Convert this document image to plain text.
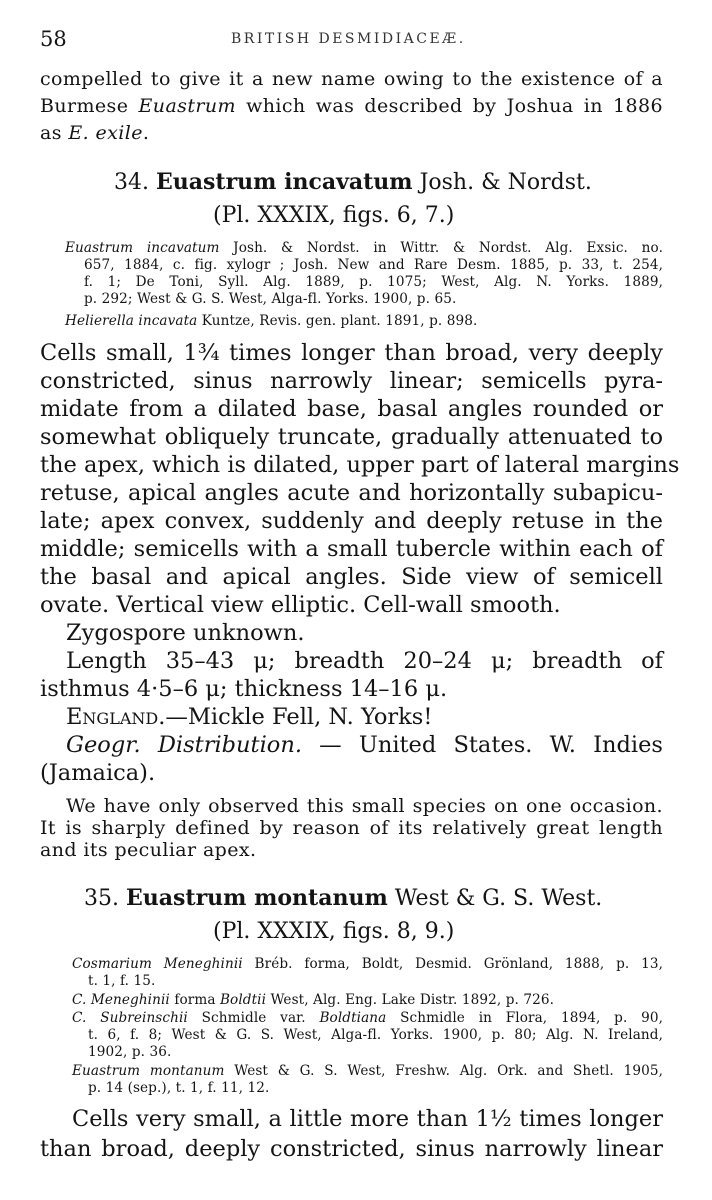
58	BRITISH DESMIDIACEÆ.
compelled to give it a new name owing to the existence of a
Burmese Euastrum which was described by Joshua in 1886
as E. exile.
34. Euastrum incavatum Josh. & Nordst.
(Pl. XXXIX, figs. 6, 7.)
Euastrum incavatum Josh. & Nordst. in Wittr. & Nordst. Alg. Exsic. no.
657, 1884, c. fig. xylogr ; Josh. New and Rare Desm. 1885, p. 33, t. 254,
f. 1; De Toni, Syll. Alg. 1889, p. 1075; West, Alg. N. Yorks. 1889,
p. 292; West & G. S. West, Alga-fl. Yorks. 1900, p. 65.
Helierella incavata Kuntze, Revis. gen. plant. 1891, p. 898.
Cells small, 1¾ times longer than broad, very deeply
constricted, sinus narrowly linear; semicells pyra-
midate from a dilated base, basal angles rounded or
somewhat obliquely truncate, gradually attenuated to
the apex, which is dilated, upper part of lateral margins
retuse, apical angles acute and horizontally subapicu-
late; apex convex, suddenly and deeply retuse in the
middle; semicells with a small tubercle within each of
the basal and apical angles. Side view of semicell
ovate. Vertical view elliptic. Cell-wall smooth.
Zygospore unknown.
Length 35–43 μ; breadth 20–24 μ; breadth of
isthmus 4·5–6 μ; thickness 14–16 μ.
England.—Mickle Fell, N. Yorks!
Geogr. Distribution. — United States. W. Indies
(Jamaica).
We have only observed this small species on one occasion.
It is sharply defined by reason of its relatively great length
and its peculiar apex.
35. Euastrum montanum West & G. S. West.
(Pl. XXXIX, figs. 8, 9.)
Cosmarium Meneghinii Bréb. forma, Boldt, Desmid. Grönland, 1888, p. 13,
t. 1, f. 15.
C. Meneghinii forma Boldtii West, Alg. Eng. Lake Distr. 1892, p. 726.
C. Subreinschii Schmidle var. Boldtiana Schmidle in Flora, 1894, p. 90,
t. 6, f. 8; West & G. S. West, Alga-fl. Yorks. 1900, p. 80; Alg. N. Ireland,
1902, p. 36.
Euastrum montanum West & G. S. West, Freshw. Alg. Ork. and Shetl. 1905,
p. 14 (sep.), t. 1, f. 11, 12.
Cells very small, a little more than 1½ times longer
than broad, deeply constricted, sinus narrowly linear
